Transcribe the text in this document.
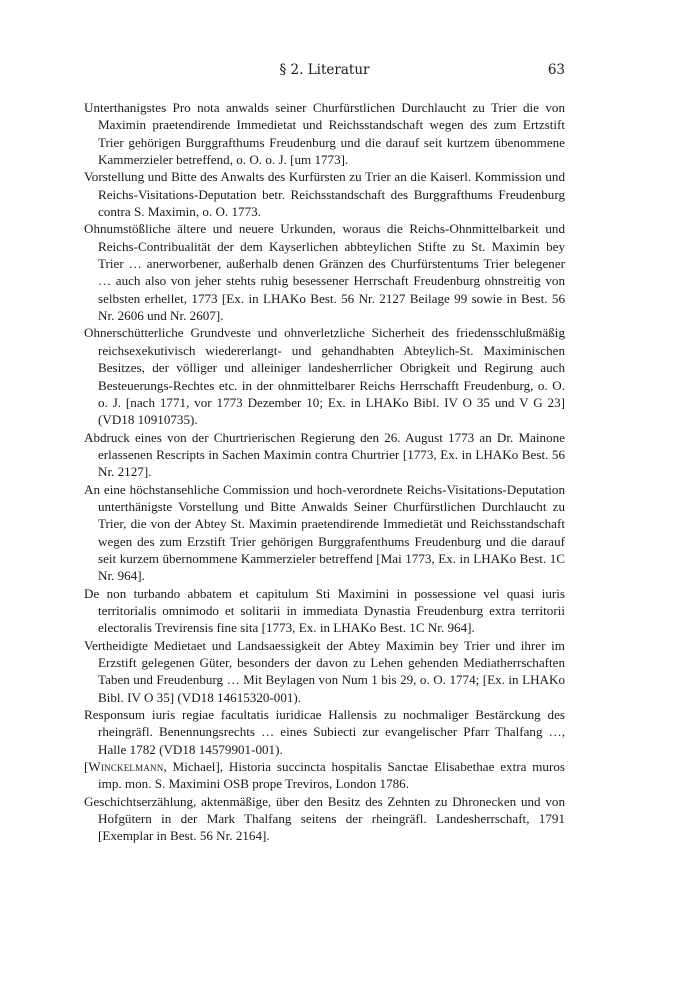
§ 2. Literatur	63

Unterthanigstes Pro nota anwalds seiner Churfürstlichen Durchlaucht zu Trier die von Maximin praetendirende Immedietat und Reichsstandschaft wegen des zum Ertzstift Trier gehörigen Burggrafthums Freudenburg und die darauf seit kurtzem übenommene Kammerzieler betreffend, o. O. o. J. [um 1773].

Vorstellung und Bitte des Anwalts des Kurfürsten zu Trier an die Kaiserl. Kommission und Reichs-Visitations-Deputation betr. Reichsstandschaft des Burggrafthums Freudenburg contra S. Maximin, o. O. 1773.

Ohnumstößliche ältere und neuere Urkunden, woraus die Reichs-Ohnmittelbarkeit und Reichs-Contribualität der dem Kayserlichen abbteylichen Stifte zu St. Maximin bey Trier … anerworbener, außerhalb denen Gränzen des Churfürstentums Trier belegener … auch also von jeher stehts ruhig besessener Herrschaft Freudenburg ohnstreitig von selbsten erhellet, 1773 [Ex. in LHAKo Best. 56 Nr. 2127 Beilage 99 sowie in Best. 56 Nr. 2606 und Nr. 2607].

Ohnerschütterliche Grundveste und ohnverletzliche Sicherheit des friedensschlußmäßig reichsexekutivisch wiedererlangt- und gehandhabten Abteylich-St. Maximinischen Besitzes, der völliger und alleiniger landesherrlicher Obrigkeit und Regirung auch Besteuerungs-Rechtes etc. in der ohnmittelbarer Reichs Herrschafft Freudenburg, o. O. o. J. [nach 1771, vor 1773 Dezember 10; Ex. in LHAKo Bibl. IV O 35 und V G 23] (VD18 10910735).

Abdruck eines von der Churtrierischen Regierung den 26. August 1773 an Dr. Mainone erlassenen Rescripts in Sachen Maximin contra Churtrier [1773, Ex. in LHAKo Best. 56 Nr. 2127].

An eine höchstansehliche Commission und hoch-verordnete Reichs-Visitations-Deputation unterthänigste Vorstellung und Bitte Anwalds Seiner Churfürstlichen Durchlaucht zu Trier, die von der Abtey St. Maximin praetendirende Immedietät und Reichsstandschaft wegen des zum Erzstift Trier gehörigen Burggrafenthums Freudenburg und die darauf seit kurzem übernommene Kammerzieler betreffend [Mai 1773, Ex. in LHAKo Best. 1C Nr. 964].

De non turbando abbatem et capitulum Sti Maximini in possessione vel quasi iuris territorialis omnimodo et solitarii in immediata Dynastia Freudenburg extra territorii electoralis Trevirensis fine sita [1773, Ex. in LHAKo Best. 1C Nr. 964].

Vertheidigte Medietaet und Landsaessigkeit der Abtey Maximin bey Trier und ihrer im Erzstift gelegenen Güter, besonders der davon zu Lehen gehenden Mediatherrschaften Taben und Freudenburg … Mit Beylagen von Num 1 bis 29, o. O. 1774; [Ex. in LHAKo Bibl. IV O 35] (VD18 14615320-001).

Responsum iuris regiae facultatis iuridicae Hallensis zu nochmaliger Bestärckung des rheingräfl. Benennungsrechts … eines Subiecti zur evangelischer Pfarr Thalfang …, Halle 1782 (VD18 14579901-001).

[Winckelmann, Michael], Historia succincta hospitalis Sanctae Elisabethae extra muros imp. mon. S. Maximini OSB prope Treviros, London 1786.

Geschichtserzählung, aktenmäßige, über den Besitz des Zehnten zu Dhronecken und von Hofgütern in der Mark Thalfang seitens der rheingräfl. Landesherrschaft, 1791 [Exemplar in Best. 56 Nr. 2164].
